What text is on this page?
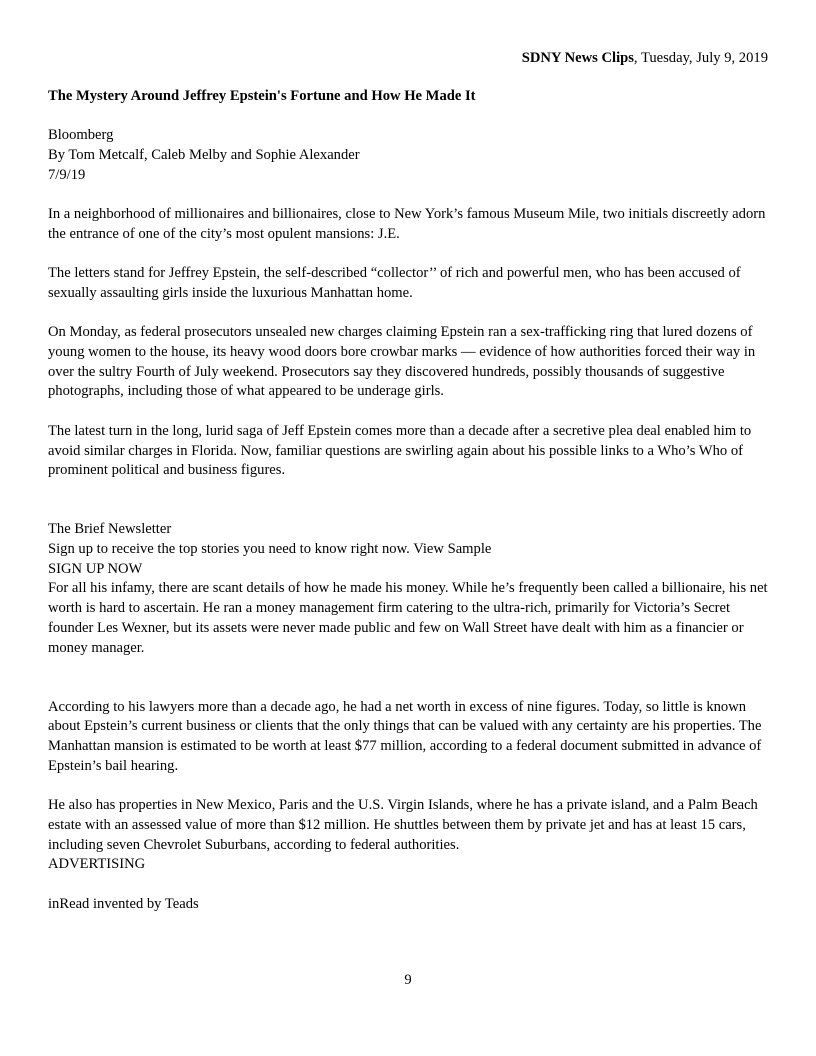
SDNY News Clips, Tuesday, July 9, 2019

The Mystery Around Jeffrey Epstein's Fortune and How He Made It

Bloomberg
By Tom Metcalf, Caleb Melby and Sophie Alexander
7/9/19

In a neighborhood of millionaires and billionaires, close to New York’s famous Museum Mile, two initials discreetly adorn the entrance of one of the city’s most opulent mansions: J.E.

The letters stand for Jeffrey Epstein, the self-described “collector’’ of rich and powerful men, who has been accused of sexually assaulting girls inside the luxurious Manhattan home.

On Monday, as federal prosecutors unsealed new charges claiming Epstein ran a sex-trafficking ring that lured dozens of young women to the house, its heavy wood doors bore crowbar marks — evidence of how authorities forced their way in over the sultry Fourth of July weekend. Prosecutors say they discovered hundreds, possibly thousands of suggestive photographs, including those of what appeared to be underage girls.

The latest turn in the long, lurid saga of Jeff Epstein comes more than a decade after a secretive plea deal enabled him to avoid similar charges in Florida. Now, familiar questions are swirling again about his possible links to a Who’s Who of prominent political and business figures.

The Brief Newsletter
Sign up to receive the top stories you need to know right now. View Sample
SIGN UP NOW

For all his infamy, there are scant details of how he made his money. While he’s frequently been called a billionaire, his net worth is hard to ascertain. He ran a money management firm catering to the ultra-rich, primarily for Victoria’s Secret founder Les Wexner, but its assets were never made public and few on Wall Street have dealt with him as a financier or money manager.

According to his lawyers more than a decade ago, he had a net worth in excess of nine figures. Today, so little is known about Epstein’s current business or clients that the only things that can be valued with any certainty are his properties. The Manhattan mansion is estimated to be worth at least $77 million, according to a federal document submitted in advance of Epstein’s bail hearing.

He also has properties in New Mexico, Paris and the U.S. Virgin Islands, where he has a private island, and a Palm Beach estate with an assessed value of more than $12 million. He shuttles between them by private jet and has at least 15 cars, including seven Chevrolet Suburbans, according to federal authorities.

ADVERTISING
inRead invented by Teads
9
